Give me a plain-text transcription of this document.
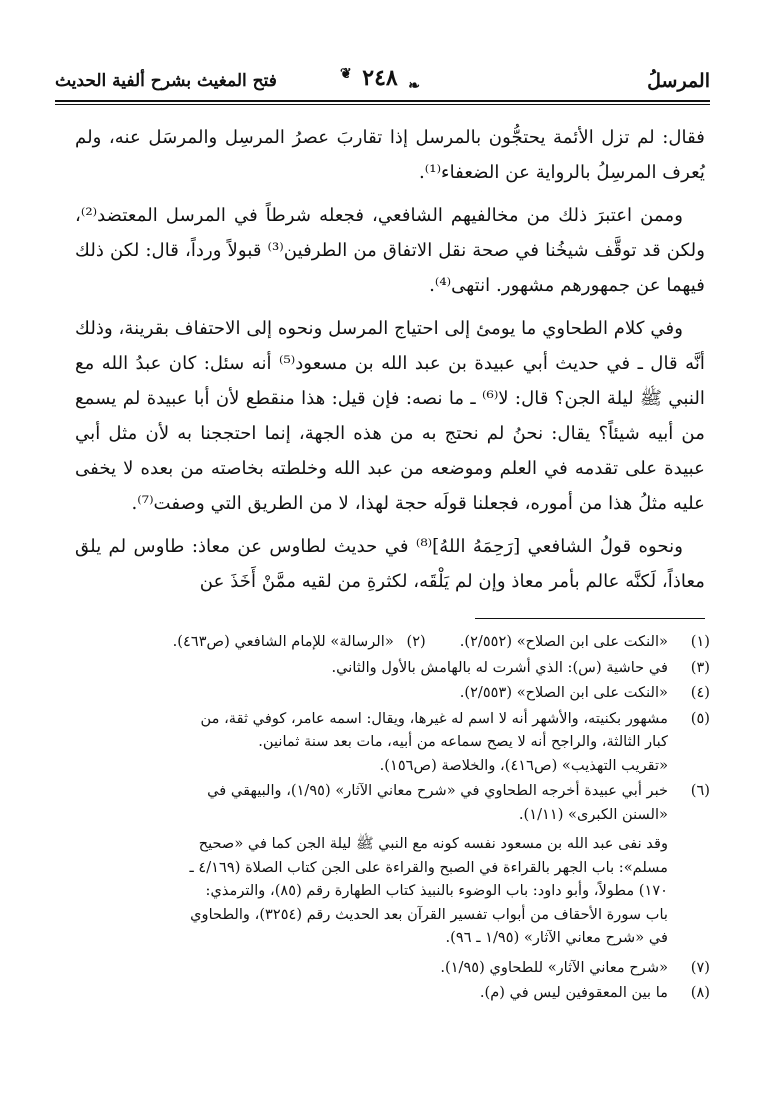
المرسلُ
❦ ٢٤٨ ❧
فتح المغيث بشرح ألفية الحديث

فقال: لم تزل الأئمة يحتجُّون بالمرسل إذا تقاربَ عصرُ المرسِل والمرسَل عنه، ولم يُعرف المرسِلُ بالرواية عن الضعفاء⁽¹⁾.

وممن اعتبرَ ذلك من مخالفيهم الشافعي، فجعله شرطاً في المرسل المعتضد⁽²⁾، ولكن قد توقَّف شيخُنا في صحة نقل الاتفاق من الطرفين⁽³⁾ قبولاً ورداً، قال: لكن ذلك فيهما عن جمهورهم مشهور. انتهى⁽⁴⁾.

وفي كلام الطحاوي ما يومئ إلى احتياج المرسل ونحوه إلى الاحتفاف بقرينة، وذلك أنَّه قال ـ في حديث أبي عبيدة بن عبد الله بن مسعود⁽⁵⁾ أنه سئل: كان عبدُ الله مع النبي ﷺ ليلة الجن؟ قال: لا⁽⁶⁾ ـ ما نصه: فإن قيل: هذا منقطع لأن أبا عبيدة لم يسمع من أبيه شيئاً؟ يقال: نحنُ لم نحتج به من هذه الجهة، إنما احتججنا به لأن مثل أبي عبيدة على تقدمه في العلم وموضعه من عبد الله وخلطته بخاصته من بعده لا يخفى عليه مثلُ هذا من أموره، فجعلنا قولَه حجة لهذا، لا من الطريق التي وصفت⁽⁷⁾.

ونحوه قولُ الشافعي [رَحِمَهُ اللهُ]⁽⁸⁾ في حديث لطاوس عن معاذ: طاوس لم يلق معاذاً، لَكنَّه عالم بأمر معاذ وإن لم يَلْقَه، لكثرةِ من لقيه ممَّنْ أَخَذَ عن

(١)
«النكت على ابن الصلاح» (٢/٥٥٢).
(٢)
«الرسالة» للإمام الشافعي (ص٤٦٣).
(٣)
في حاشية (س): الذي أشرت له بالهامش بالأول والثاني.
(٤)
«النكت على ابن الصلاح» (٢/٥٥٣).
(٥)
مشهور بكنيته، والأشهر أنه لا اسم له غيرها، ويقال: اسمه عامر، كوفي ثقة، من
كبار الثالثة، والراجح أنه لا يصح سماعه من أبيه، مات بعد سنة ثمانين.
«تقريب التهذيب» (ص٤١٦)، والخلاصة (ص١٥٦).
(٦)
خبر أبي عبيدة أخرجه الطحاوي في «شرح معاني الآثار» (١/٩٥)، والبيهقي في
«السنن الكبرى» (١/١١).
وقد نفى عبد الله بن مسعود نفسه كونه مع النبي ﷺ ليلة الجن كما في «صحيح
مسلم»: باب الجهر بالقراءة في الصبح والقراءة على الجن كتاب الصلاة (٤/١٦٩ ـ
١٧٠) مطولاً، وأبو داود: باب الوضوء بالنبيذ كتاب الطهارة رقم (٨٥)، والترمذي:
باب سورة الأحقاف من أبواب تفسير القرآن بعد الحديث رقم (٣٢٥٤)، والطحاوي
في «شرح معاني الآثار» (١/٩٥ ـ ٩٦).
(٧)
«شرح معاني الآثار» للطحاوي (١/٩٥).
(٨)
ما بين المعقوفين ليس في (م).
